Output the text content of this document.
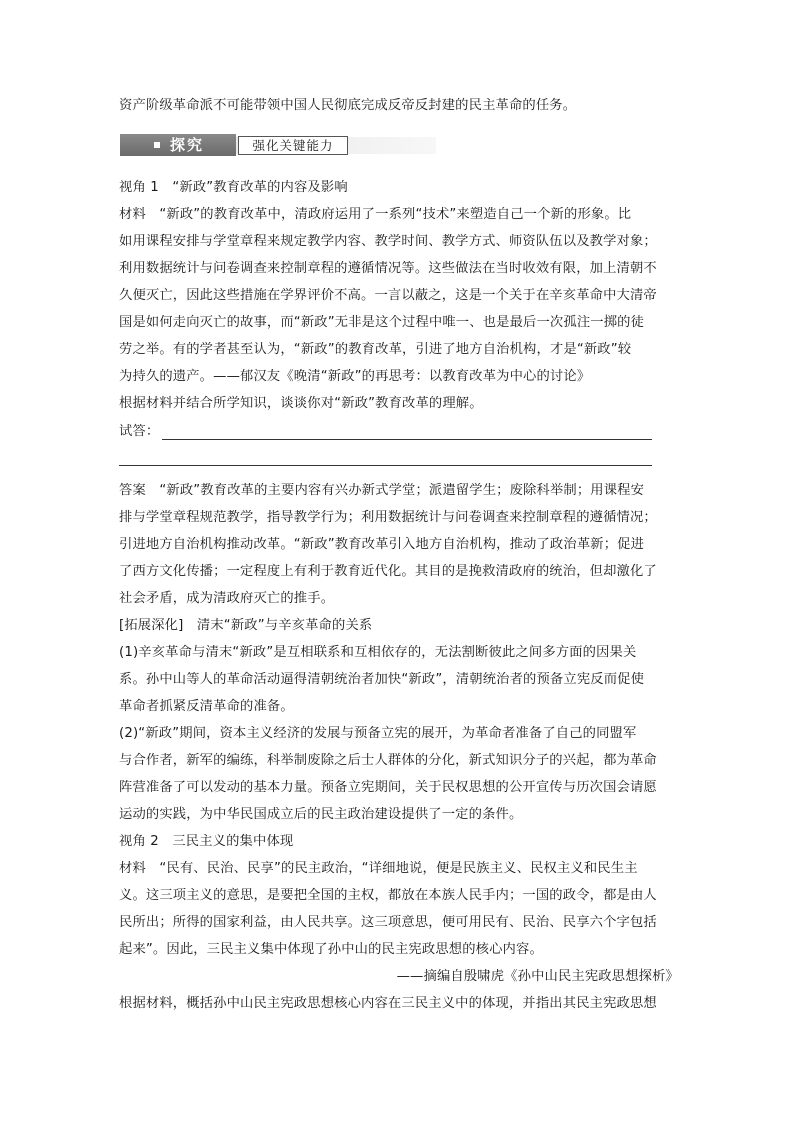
资产阶级革命派不可能带领中国人民彻底完成反帝反封建的民主革命的任务。
探究	强化关键能力
视角 1　“新政”教育改革的内容及影响
材料　“新政”的教育改革中，清政府运用了一系列“技术”来塑造自己一个新的形象。比
如用课程安排与学堂章程来规定教学内容、教学时间、教学方式、师资队伍以及教学对象；
利用数据统计与问卷调查来控制章程的遵循情况等。这些做法在当时收效有限，加上清朝不
久便灭亡，因此这些措施在学界评价不高。一言以蔽之，这是一个关于在辛亥革命中大清帝
国是如何走向灭亡的故事，而“新政”无非是这个过程中唯一、也是最后一次孤注一掷的徒
劳之举。有的学者甚至认为，“新政”的教育改革，引进了地方自治机构，才是“新政”较
为持久的遗产。——郁汉友《晚清“新政”的再思考：以教育改革为中心的讨论》
根据材料并结合所学知识，谈谈你对“新政”教育改革的理解。
试答：
答案　“新政”教育改革的主要内容有兴办新式学堂；派遣留学生；废除科举制；用课程安
排与学堂章程规范教学，指导教学行为；利用数据统计与问卷调查来控制章程的遵循情况；
引进地方自治机构推动改革。“新政”教育改革引入地方自治机构，推动了政治革新；促进
了西方文化传播；一定程度上有利于教育近代化。其目的是挽救清政府的统治，但却激化了
社会矛盾，成为清政府灭亡的推手。
[拓展深化]　清末“新政”与辛亥革命的关系
(1)辛亥革命与清末“新政”是互相联系和互相依存的，无法割断彼此之间多方面的因果关
系。孙中山等人的革命活动逼得清朝统治者加快“新政”，清朝统治者的预备立宪反而促使
革命者抓紧反清革命的准备。
(2)“新政”期间，资本主义经济的发展与预备立宪的展开，为革命者准备了自己的同盟军
与合作者，新军的编练，科举制废除之后士人群体的分化，新式知识分子的兴起，都为革命
阵营准备了可以发动的基本力量。预备立宪期间，关于民权思想的公开宣传与历次国会请愿
运动的实践，为中华民国成立后的民主政治建设提供了一定的条件。
视角 2　三民主义的集中体现
材料　“民有、民治、民享”的民主政治，“详细地说，便是民族主义、民权主义和民生主
义。这三项主义的意思，是要把全国的主权，都放在本族人民手内；一国的政令，都是由人
民所出；所得的国家利益，由人民共享。这三项意思，便可用民有、民治、民享六个字包括
起来”。因此，三民主义集中体现了孙中山的民主宪政思想的核心内容。
——摘编自殷啸虎《孙中山民主宪政思想探析》
根据材料，概括孙中山民主宪政思想核心内容在三民主义中的体现，并指出其民主宪政思想
